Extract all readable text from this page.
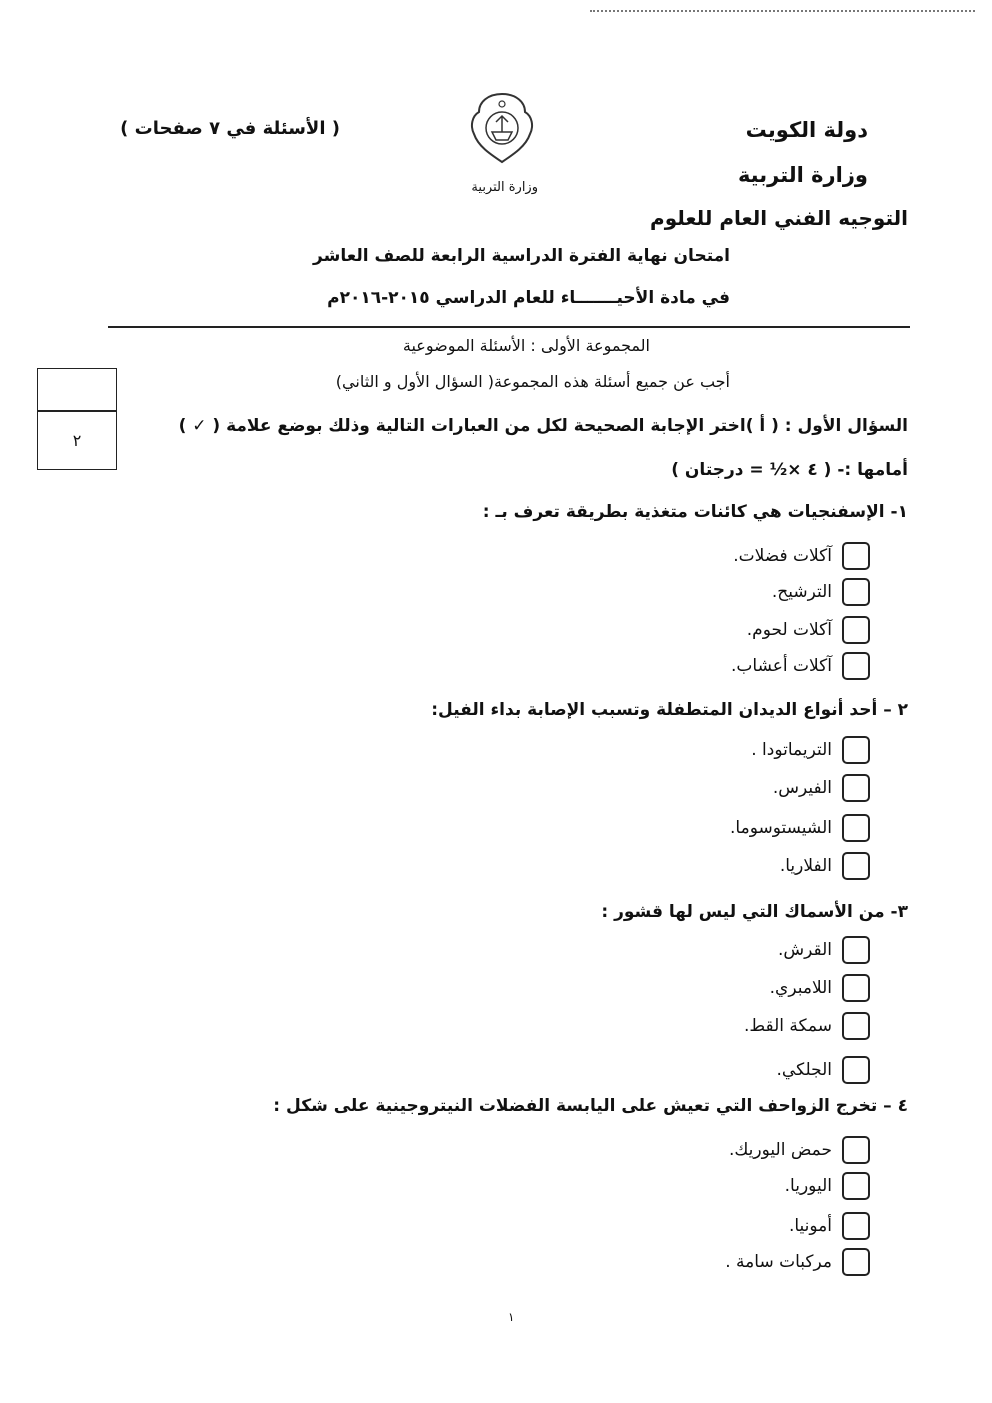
دولة الكويت
وزارة التربية
( الأسئلة في ٧ صفحات )
وزارة التربية
التوجيه الفني العام للعلوم
امتحان نهاية الفترة الدراسية الرابعة للصف العاشر
في مادة الأحيـــــــاء للعام الدراسي ٢٠١٥-٢٠١٦م
المجموعة الأولى : الأسئلة الموضوعية
أجب عن جميع أسئلة هذه المجموعة( السؤال الأول و الثاني)
٢
السؤال الأول : ( أ )اختر الإجابة الصحيحة لكل من العبارات التالية وذلك بوضع علامة ( ✓ )
أمامها :- ( ٤ ×½ = درجتان )
١- الإسفنجيات هي كائنات متغذية بطريقة تعرف بـ :
آكلات فضلات.
الترشيح.
آكلات لحوم.
آكلات أعشاب.
٢ – أحد أنواع الديدان المتطفلة وتسبب الإصابة بداء الفيل:
التريماتودا .
الفيرس.
الشيستوسوما.
الفلاريا.
٣- من الأسماك التي ليس لها قشور :
القرش.
اللامبري.
سمكة القط.
الجلكي.
٤ – تخرج الزواحف التي تعيش على اليابسة الفضلات النيتروجينية على شكل :
حمض اليوريك.
اليوريا.
أمونيا.
مركبات سامة .
١
